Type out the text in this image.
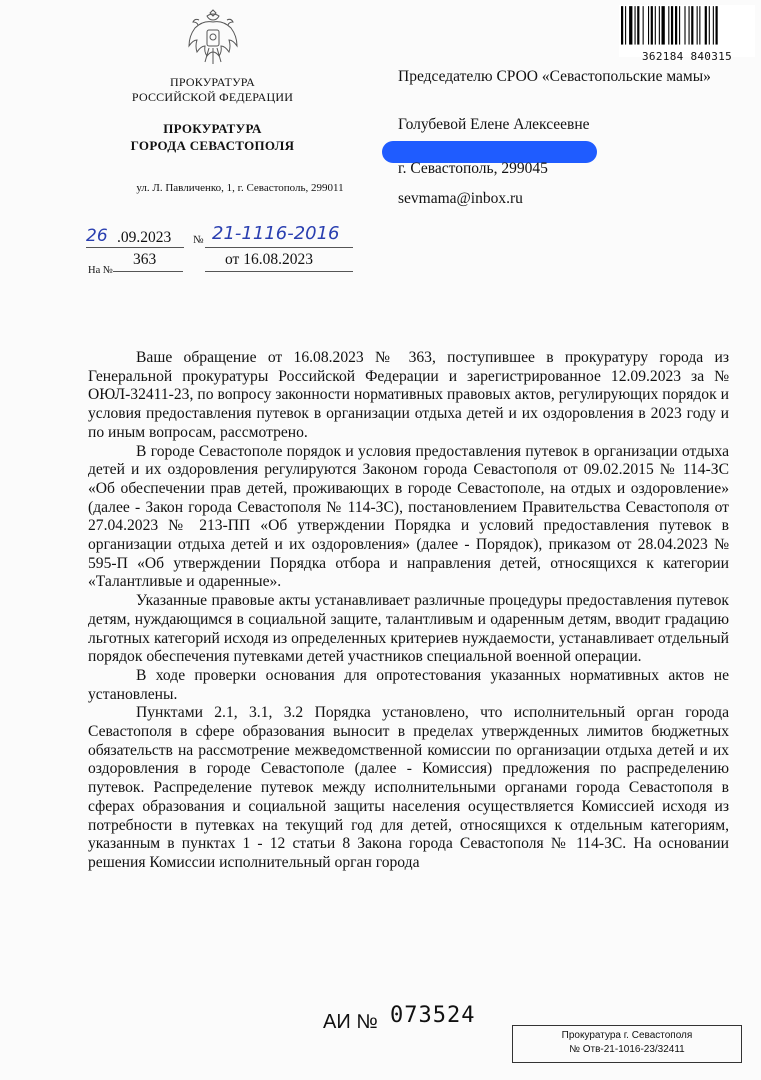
362184 840315
ПРОКУРАТУРА
РОССИЙСКОЙ ФЕДЕРАЦИИ
ПРОКУРАТУРА
ГОРОДА СЕВАСТОПОЛЯ
ул. Л. Павличенко, 1, г. Севастополь, 299011
26 .09.2023 № 21-1116-2016
На №
363	от 16.08.2023
Председателю СРОО «Севастопольские мамы»
Голубевой Елене Алексеевне
г. Севастополь, 299045
sevmama@inbox.ru

Ваше обращение от 16.08.2023 № 363, поступившее в прокуратуру города из Генеральной прокуратуры Российской Федерации и зарегистрированное 12.09.2023 за № ОЮЛ-32411-23, по вопросу законности нормативных правовых актов, регулирующих порядок и условия предоставления путевок в организации отдыха детей и их оздоровления в 2023 году и по иным вопросам, рассмотрено.

В городе Севастополе порядок и условия предоставления путевок в организации отдыха детей и их оздоровления регулируются Законом города Севастополя от 09.02.2015 № 114-ЗС «Об обеспечении прав детей, проживающих в городе Севастополе, на отдых и оздоровление» (далее - Закон города Севастополя № 114-ЗС), постановлением Правительства Севастополя от 27.04.2023 № 213-ПП «Об утверждении Порядка и условий предоставления путевок в организации отдыха детей и их оздоровления» (далее - Порядок), приказом от 28.04.2023 № 595-П «Об утверждении Порядка отбора и направления детей, относящихся к категории «Талантливые и одаренные».

Указанные правовые акты устанавливает различные процедуры предоставления путевок детям, нуждающимся в социальной защите, талантливым и одаренным детям, вводит градацию льготных категорий исходя из определенных критериев нуждаемости, устанавливает отдельный порядок обеспечения путевками детей участников специальной военной операции.

В ходе проверки основания для опротестования указанных нормативных актов не установлены.

Пунктами 2.1, 3.1, 3.2 Порядка установлено, что исполнительный орган города Севастополя в сфере образования выносит в пределах утвержденных лимитов бюджетных обязательств на рассмотрение межведомственной комиссии по организации отдыха детей и их оздоровления в городе Севастополе (далее - Комиссия) предложения по распределению путевок. Распределение путевок между исполнительными органами города Севастополя в сферах образования и социальной защиты населения осуществляется Комиссией исходя из потребности в путевках на текущий год для детей, относящихся к отдельным категориям, указанным в пунктах 1 - 12 статьи 8 Закона города Севастополя № 114-ЗС. На основании решения Комиссии исполнительный орган города

АИ № 073524
Прокуратура г. Севастополя
№ Отв-21-1016-23/32411
